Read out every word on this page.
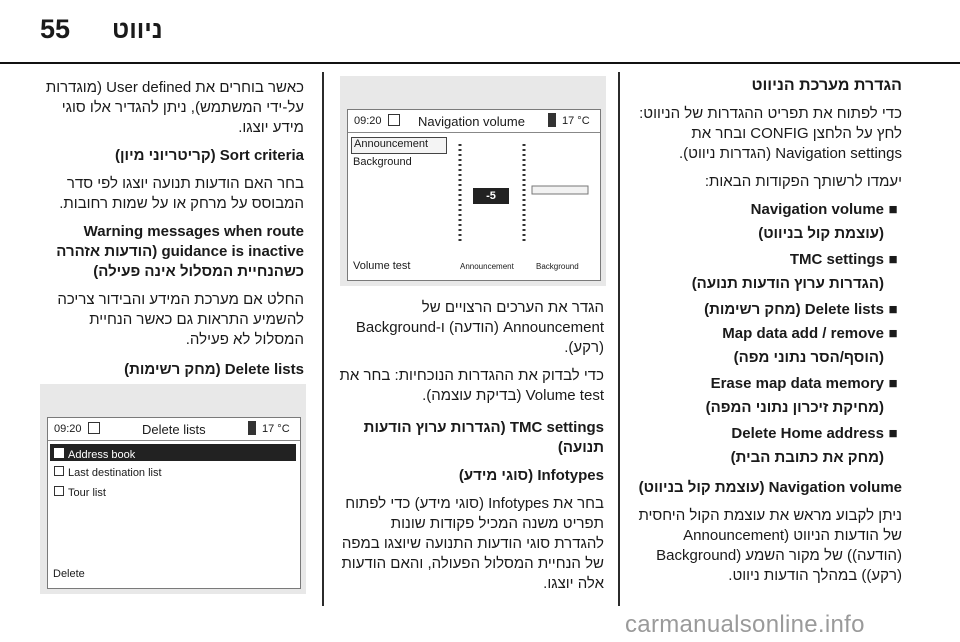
55 ניווט

הגדרת מערכת הניווט

כדי לפתוח את תפריט ההגדרות של הניווט: לחץ על הלחצן CONFIG ובחר את Navigation settings (הגדרות ניווט).

יעמדו לרשותך הפקודות הבאות:

■
Navigation volume
(עוצמת קול בניווט)
■
TMC settings
(הגדרות ערוץ הודעות תנועה)
■
Delete lists (מחק רשימות)
■
Map data add / remove
(הוסף/הסר נתוני מפה)
■
Erase map data memory
(מחיקת זיכרון נתוני המפה)
■
Delete Home address
(מחק את כתובת הבית)

Navigation volume (עוצמת קול בניווט)

ניתן לקבוע מראש את עוצמת הקול היחסית של הודעות הניווט (Announcement (הודעה)) של מקור השמע (Background (רקע)) במהלך הודעות ניווט.

09:20	Navigation volume	17 °C
Announcement
Background
Volume test
-5
Announcement	Background

הגדר את הערכים הרצויים של Announcement (הודעה) ו-Background (רקע).

כדי לבדוק את ההגדרות הנוכחיות: בחר את Volume test (בדיקת עוצמה).

TMC settings (הגדרות ערוץ הודעות תנועה)

Infotypes (סוגי מידע)

בחר את Infotypes (סוגי מידע) כדי לפתוח תפריט משנה המכיל פקודות שונות להגדרת סוגי הודעות התנועה שיוצגו במפה של הנחיית המסלול הפעולה, והאם הודעות אלה יוצגו.

כאשר בוחרים את User defined (מוגדרות על-ידי המשתמש), ניתן להגדיר אלו סוגי מידע יוצגו.

Sort criteria (קריטריוני מיון)

בחר האם הודעות תנועה יוצגו לפי סדר המבוסס על מרחק או על שמות רחובות.

Warning messages when route guidance is inactive (הודעות אזהרה כשהנחיית המסלול אינה פעילה)

החלט אם מערכת המידע והבידור צריכה להשמיע התראות גם כאשר הנחיית המסלול לא פעילה.

Delete lists (מחק רשימות)

09:20	Delete lists	17 °C
Address book
Last destination list
Tour list
Delete
carmanualsonline.info
